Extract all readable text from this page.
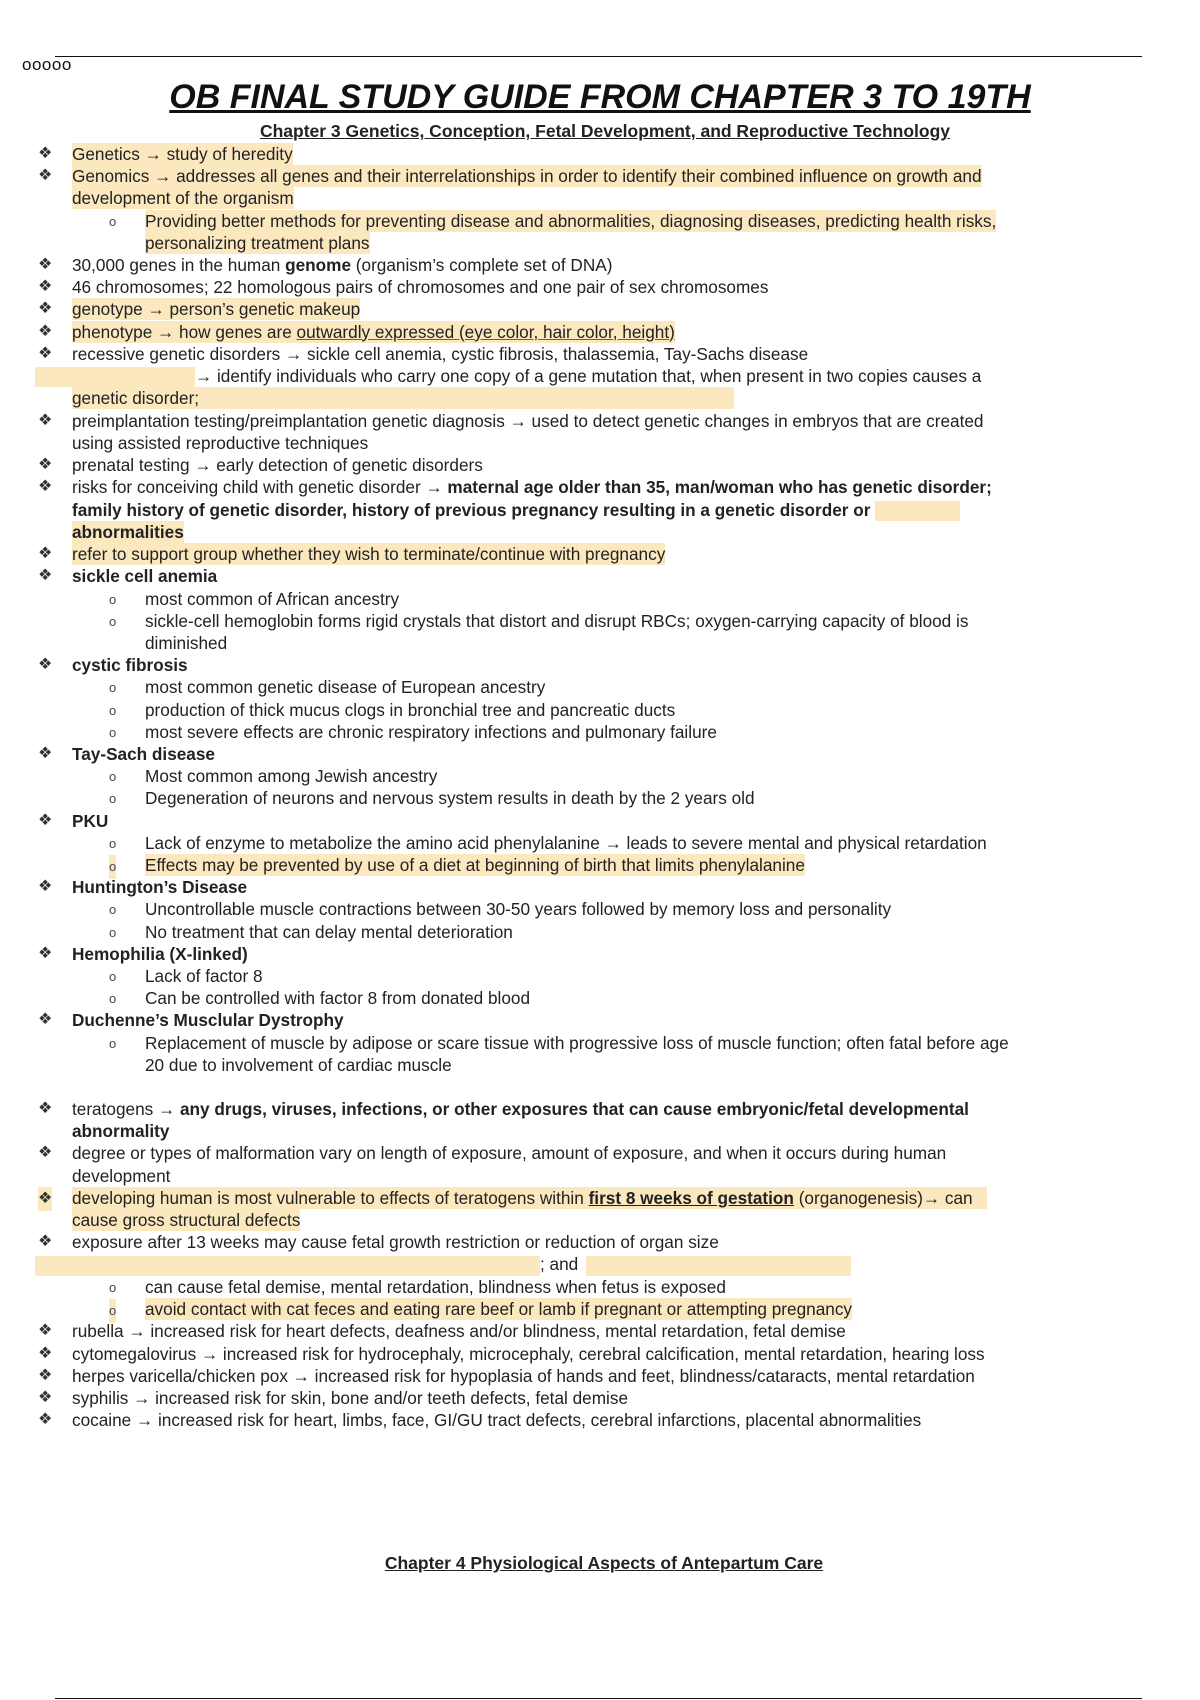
ooooo
OB FINAL STUDY GUIDE FROM CHAPTER 3 TO 19TH
Chapter 3 Genetics, Conception, Fetal Development, and Reproductive Technology
❖ Genetics → study of heredity
❖ Genomics → addresses all genes and their interrelationships in order to identify their combined influence on growth and
development of the organism
o Providing better methods for preventing disease and abnormalities, diagnosing diseases, predicting health risks,
personalizing treatment plans
❖ 30,000 genes in the human genome (organism’s complete set of DNA)
❖ 46 chromosomes; 22 homologous pairs of chromosomes and one pair of sex chromosomes
❖ genotype → person’s genetic makeup
❖ phenotype → how genes are outwardly expressed (eye color, hair color, height)
❖ recessive genetic disorders → sickle cell anemia, cystic fibrosis, thalassemia, Tay-Sachs disease
→ identify individuals who carry one copy of a gene mutation that, when present in two copies causes a
genetic disorder;
❖ preimplantation testing/preimplantation genetic diagnosis → used to detect genetic changes in embryos that are created
using assisted reproductive techniques
❖ prenatal testing → early detection of genetic disorders
❖ risks for conceiving child with genetic disorder → maternal age older than 35, man/woman who has genetic disorder;
family history of genetic disorder, history of previous pregnancy resulting in a genetic disorder or
abnormalities
❖ refer to support group whether they wish to terminate/continue with pregnancy
❖ sickle cell anemia
o most common of African ancestry
o sickle-cell hemoglobin forms rigid crystals that distort and disrupt RBCs; oxygen-carrying capacity of blood is
diminished
❖ cystic fibrosis
o most common genetic disease of European ancestry
o production of thick mucus clogs in bronchial tree and pancreatic ducts
o most severe effects are chronic respiratory infections and pulmonary failure
❖ Tay-Sach disease
o Most common among Jewish ancestry
o Degeneration of neurons and nervous system results in death by the 2 years old
❖ PKU
o Lack of enzyme to metabolize the amino acid phenylalanine → leads to severe mental and physical retardation
o Effects may be prevented by use of a diet at beginning of birth that limits phenylalanine
❖ Huntington’s Disease
o Uncontrollable muscle contractions between 30-50 years followed by memory loss and personality
o No treatment that can delay mental deterioration
❖ Hemophilia (X-linked)
o Lack of factor 8
o Can be controlled with factor 8 from donated blood
❖ Duchenne’s Musclular Dystrophy
o Replacement of muscle by adipose or scare tissue with progressive loss of muscle function; often fatal before age
20 due to involvement of cardiac muscle
❖ teratogens → any drugs, viruses, infections, or other exposures that can cause embryonic/fetal developmental
abnormality
❖ degree or types of malformation vary on length of exposure, amount of exposure, and when it occurs during human
development
❖ developing human is most vulnerable to effects of teratogens within first 8 weeks of gestation (organogenesis)→ can
cause gross structural defects
❖ exposure after 13 weeks may cause fetal growth restriction or reduction of organ size
; and
o can cause fetal demise, mental retardation, blindness when fetus is exposed
o avoid contact with cat feces and eating rare beef or lamb if pregnant or attempting pregnancy
❖ rubella → increased risk for heart defects, deafness and/or blindness, mental retardation, fetal demise
❖ cytomegalovirus → increased risk for hydrocephaly, microcephaly, cerebral calcification, mental retardation, hearing loss
❖ herpes varicella/chicken pox → increased risk for hypoplasia of hands and feet, blindness/cataracts, mental retardation
❖ syphilis → increased risk for skin, bone and/or teeth defects, fetal demise
❖ cocaine → increased risk for heart, limbs, face, GI/GU tract defects, cerebral infarctions, placental abnormalities
Chapter 4 Physiological Aspects of Antepartum Care
